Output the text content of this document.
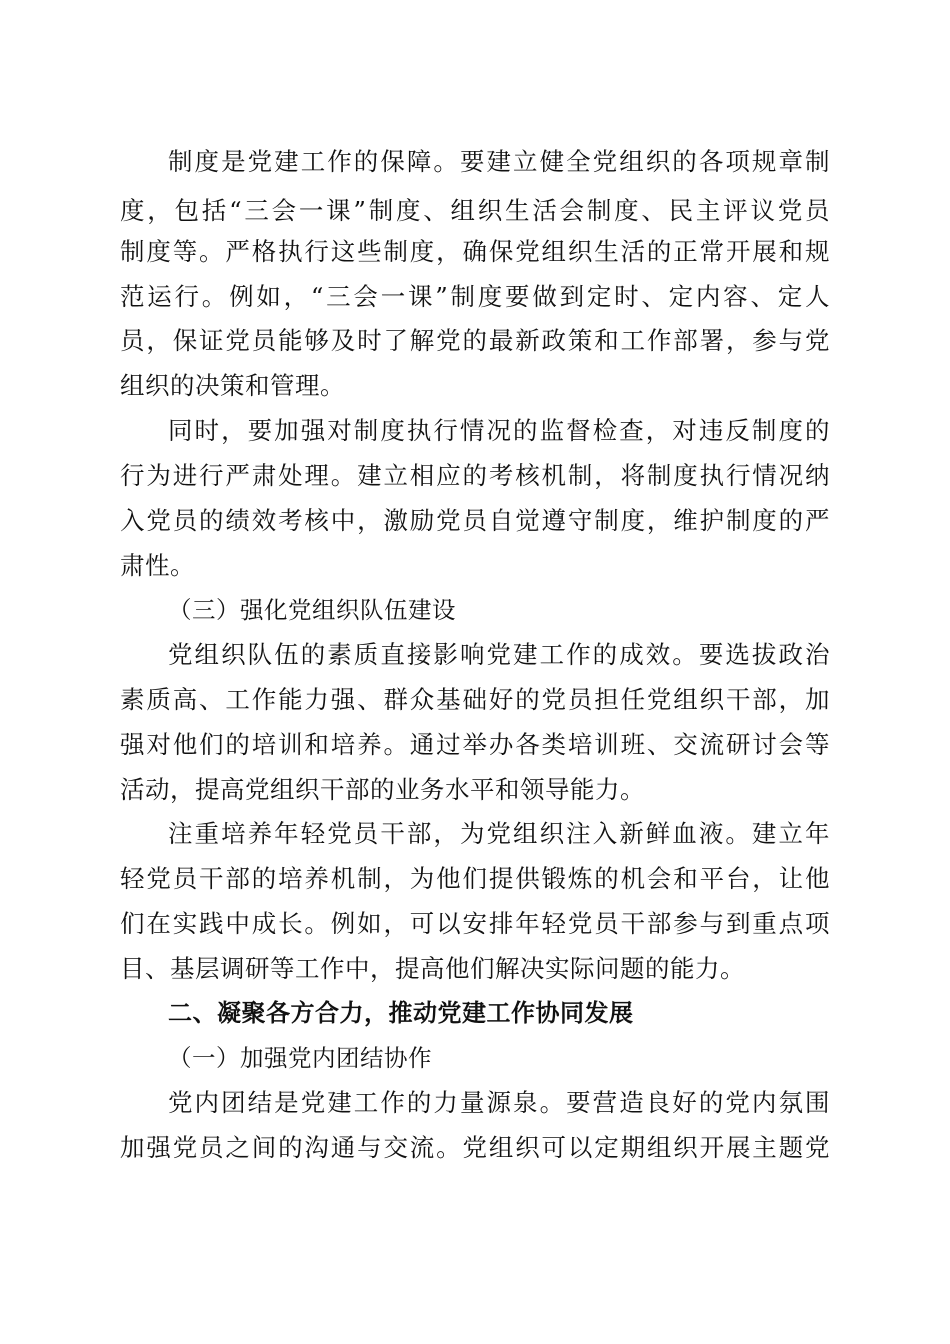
制度是党建工作的保障。要建立健全党组织的各项规章制
度，包括“三会一课”制度、组织生活会制度、民主评议党员
制度等。严格执行这些制度，确保党组织生活的正常开展和规
范运行。例如，“三会一课”制度要做到定时、定内容、定人
员，保证党员能够及时了解党的最新政策和工作部署，参与党
组织的决策和管理。
同时，要加强对制度执行情况的监督检查，对违反制度的
行为进行严肃处理。建立相应的考核机制，将制度执行情况纳
入党员的绩效考核中，激励党员自觉遵守制度，维护制度的严
肃性。
（三）强化党组织队伍建设
党组织队伍的素质直接影响党建工作的成效。要选拔政治
素质高、工作能力强、群众基础好的党员担任党组织干部，加
强对他们的培训和培养。通过举办各类培训班、交流研讨会等
活动，提高党组织干部的业务水平和领导能力。
注重培养年轻党员干部，为党组织注入新鲜血液。建立年
轻党员干部的培养机制，为他们提供锻炼的机会和平台，让他
们在实践中成长。例如，可以安排年轻党员干部参与到重点项
目、基层调研等工作中，提高他们解决实际问题的能力。
二、凝聚各方合力，推动党建工作协同发展
（一）加强党内团结协作
党内团结是党建工作的力量源泉。要营造良好的党内氛围
加强党员之间的沟通与交流。党组织可以定期组织开展主题党
